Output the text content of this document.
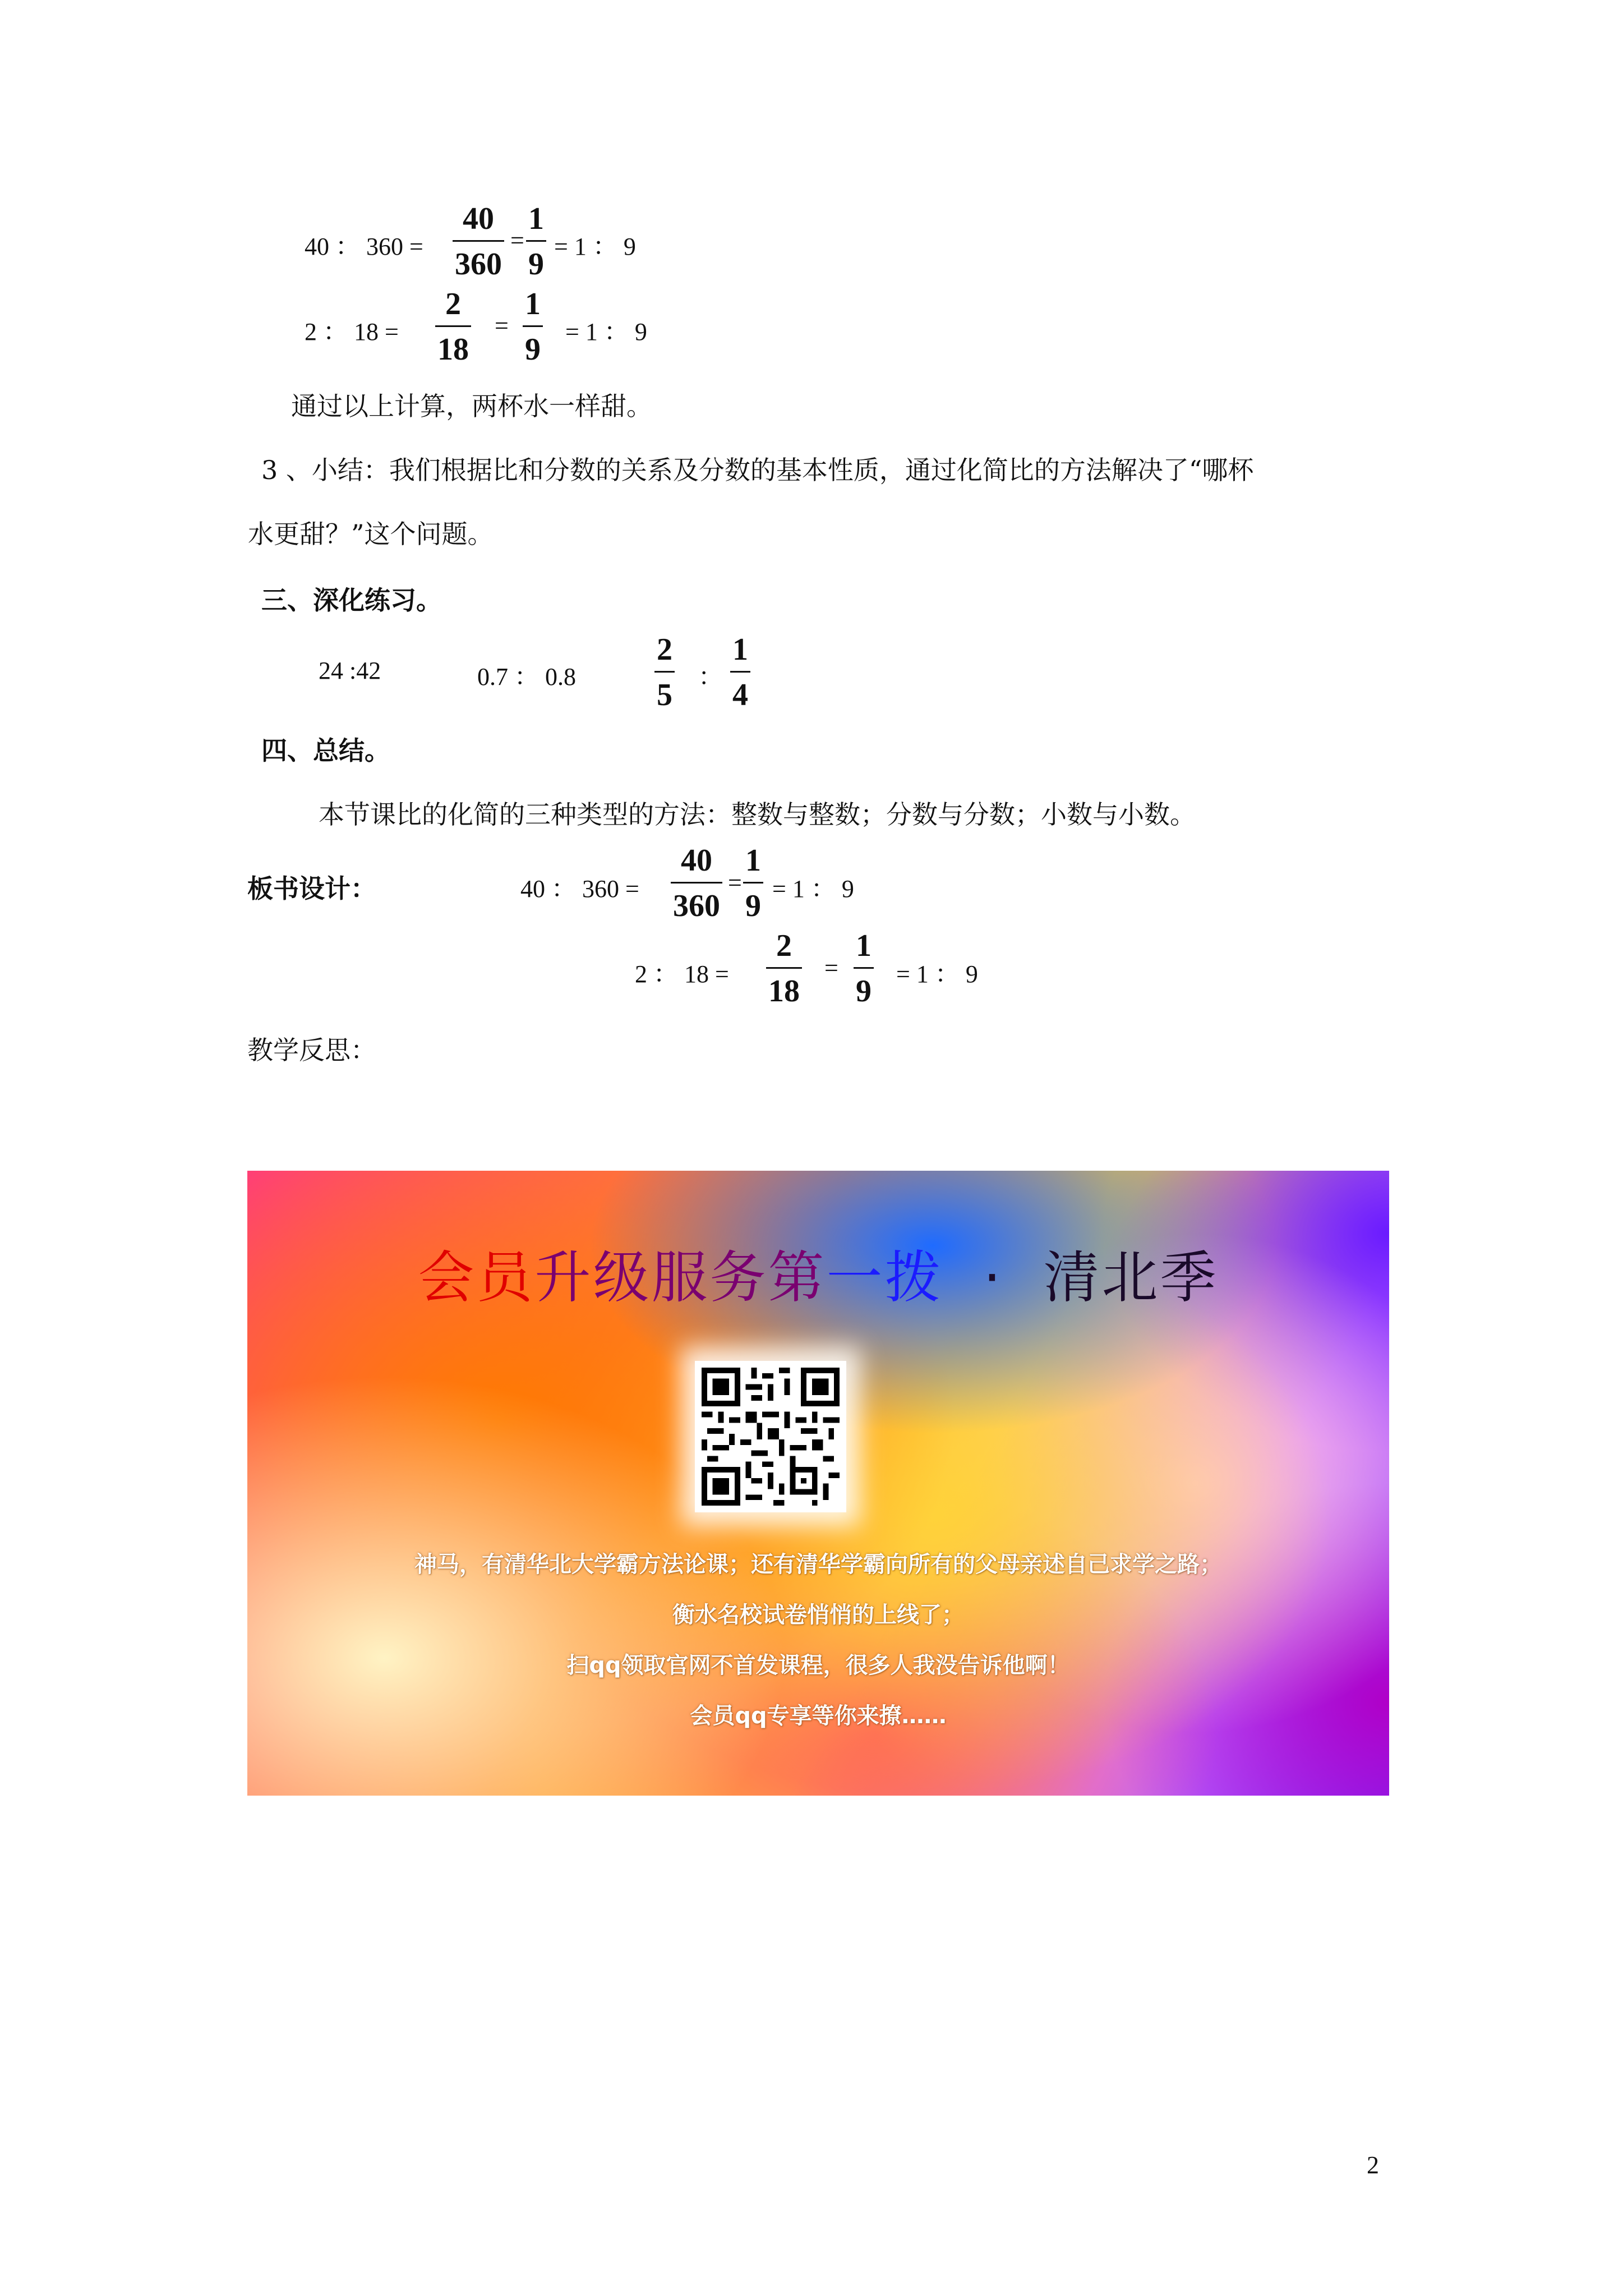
40 ： 360 =
40
360
=
1
9
= 1 ： 9
2 ： 18 =
2
18
=
1
9
= 1 ： 9
通过以上计算，两杯水一样甜。
3 、小结：我们根据比和分数的关系及分数的基本性质，通过化简比的方法解决了“哪杯
水更甜？”这个问题。
三、深化练习。
24 :42	0.7 ： 0.8
2
5
：
1
4
四、总结。
本节课比的化简的三种类型的方法：整数与整数；分数与分数；小数与小数。
板书设计：	40 ： 360 =
40
360
=
1
9 = 1 ： 9
2 ： 18 =
2
18
=
1
9 = 1 ： 9
教学反思：
会员升级服务第一拨  ·  清北季
神马，有清华北大学霸方法论课；还有清华学霸向所有的父母亲述自己求学之路；
衡水名校试卷悄悄的上线了；
扫qq领取官网不首发课程，很多人我没告诉他啊！
会员qq专享等你来撩……
2
